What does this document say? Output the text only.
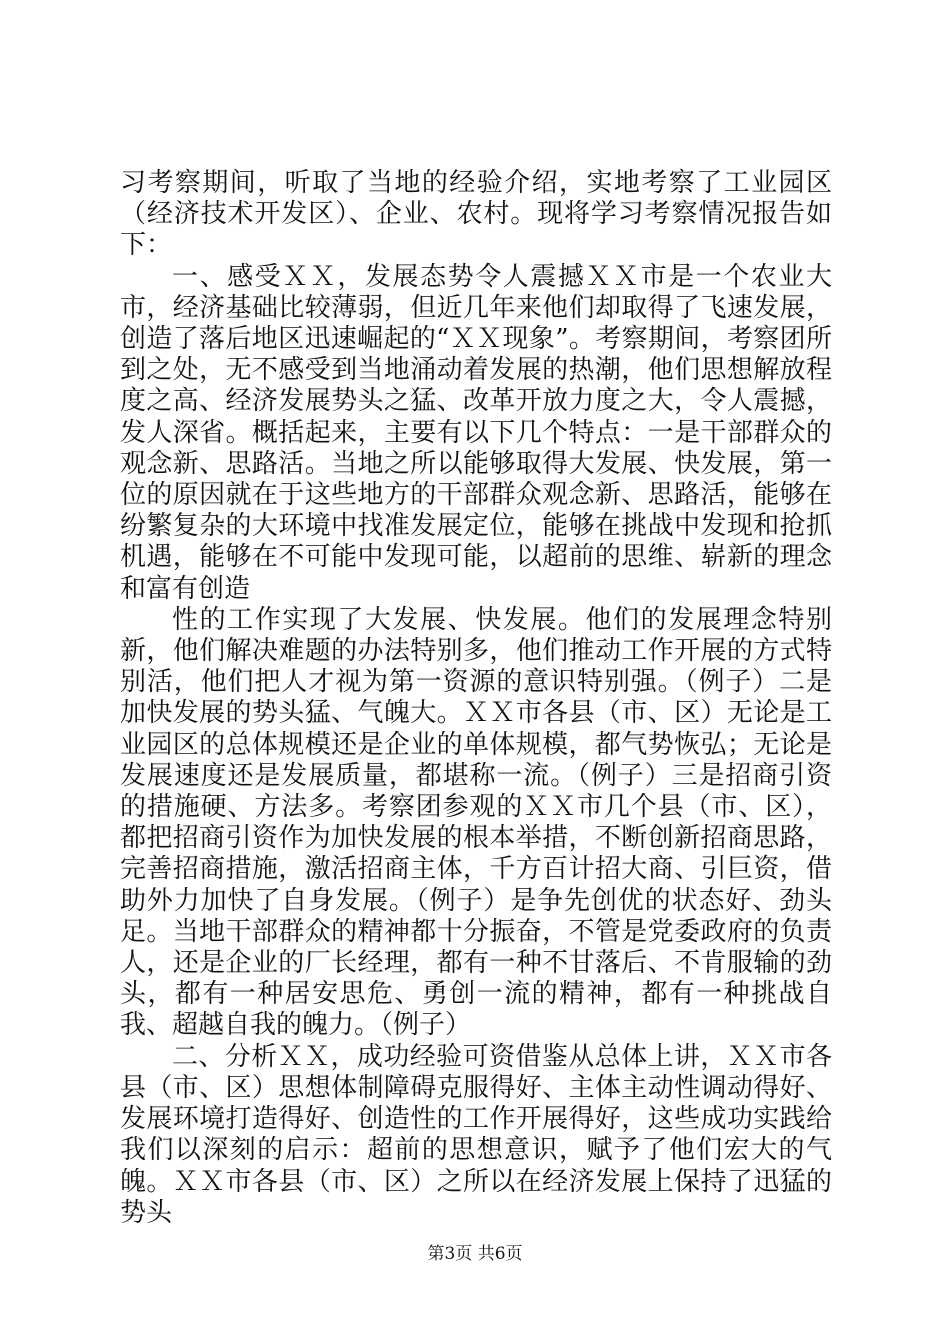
习考察期间，听取了当地的经验介绍，实地考察了工业园区（经济技术开发区）、企业、农村。现将学习考察情况报告如下：

一、感受ＸＸ，发展态势令人震撼ＸＸ市是一个农业大市，经济基础比较薄弱，但近几年来他们却取得了飞速发展，创造了落后地区迅速崛起的“ＸＸ现象”。考察期间，考察团所到之处，无不感受到当地涌动着发展的热潮，他们思想解放程度之高、经济发展势头之猛、改革开放力度之大，令人震撼，发人深省。概括起来，主要有以下几个特点：一是干部群众的观念新、思路活。当地之所以能够取得大发展、快发展，第一位的原因就在于这些地方的干部群众观念新、思路活，能够在纷繁复杂的大环境中找准发展定位，能够在挑战中发现和抢抓机遇，能够在不可能中发现可能，以超前的思维、崭新的理念和富有创造

性的工作实现了大发展、快发展。他们的发展理念特别新，他们解决难题的办法特别多，他们推动工作开展的方式特别活，他们把人才视为第一资源的意识特别强。（例子）二是加快发展的势头猛、气魄大。ＸＸ市各县（市、区）无论是工业园区的总体规模还是企业的单体规模，都气势恢弘；无论是发展速度还是发展质量，都堪称一流。（例子）三是招商引资的措施硬、方法多。考察团参观的ＸＸ市几个县（市、区），都把招商引资作为加快发展的根本举措，不断创新招商思路，完善招商措施，激活招商主体，千方百计招大商、引巨资，借助外力加快了自身发展。（例子）是争先创优的状态好、劲头足。当地干部群众的精神都十分振奋，不管是党委政府的负责人，还是企业的厂长经理，都有一种不甘落后、不肯服输的劲头，都有一种居安思危、勇创一流的精神，都有一种挑战自我、超越自我的魄力。（例子）

二、分析ＸＸ，成功经验可资借鉴从总体上讲，ＸＸ市各县（市、区）思想体制障碍克服得好、主体主动性调动得好、发展环境打造得好、创造性的工作开展得好，这些成功实践给我们以深刻的启示：超前的思想意识，赋予了他们宏大的气魄。ＸＸ市各县（市、区）之所以在经济发展上保持了迅猛的势头

第3页 共6页
